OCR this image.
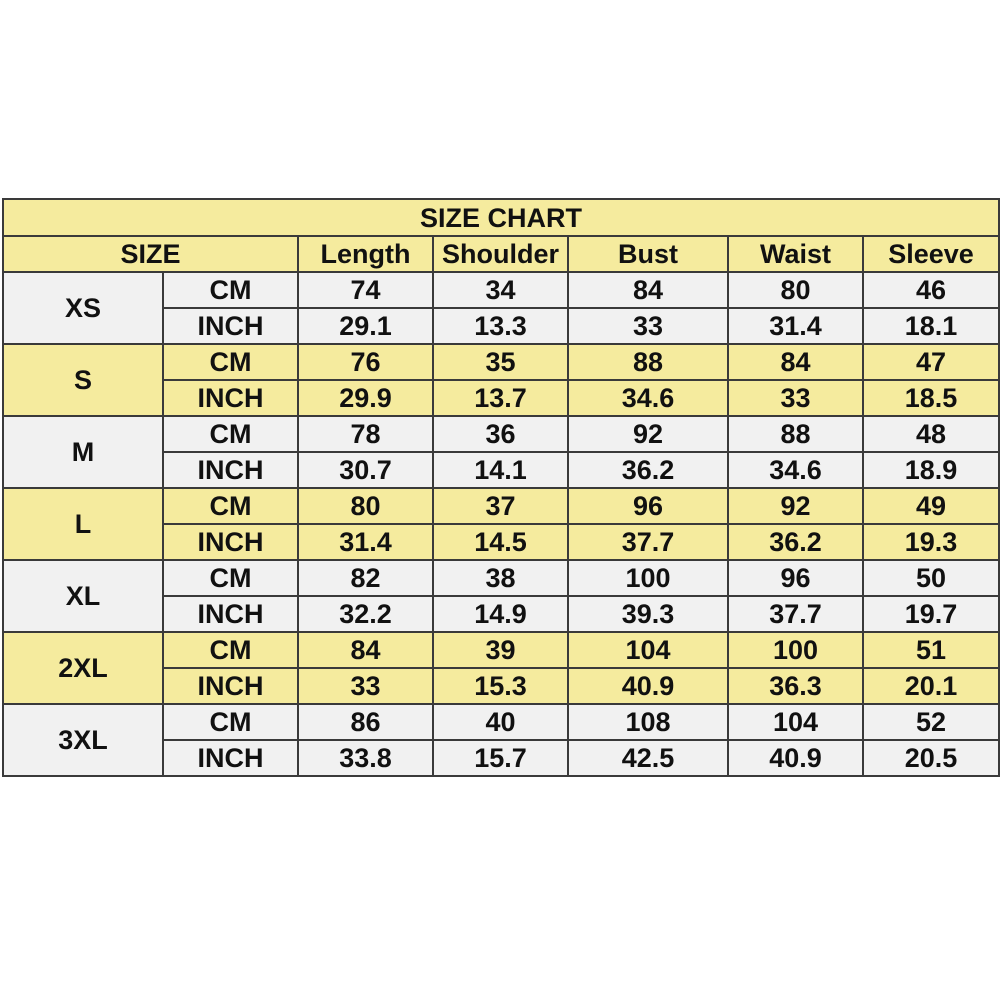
SIZE CHART						
SIZE		Length	Shoulder	Bust	Waist	Sleeve
XS	CM	74	34	84	80	46
	INCH	29.1	13.3	33	31.4	18.1
S	CM	76	35	88	84	47
	INCH	29.9	13.7	34.6	33	18.5
M	CM	78	36	92	88	48
	INCH	30.7	14.1	36.2	34.6	18.9
L	CM	80	37	96	92	49
	INCH	31.4	14.5	37.7	36.2	19.3
XL	CM	82	38	100	96	50
	INCH	32.2	14.9	39.3	37.7	19.7
2XL	CM	84	39	104	100	51
	INCH	33	15.3	40.9	36.3	20.1
3XL	CM	86	40	108	104	52
	INCH	33.8	15.7	42.5	40.9	20.5
